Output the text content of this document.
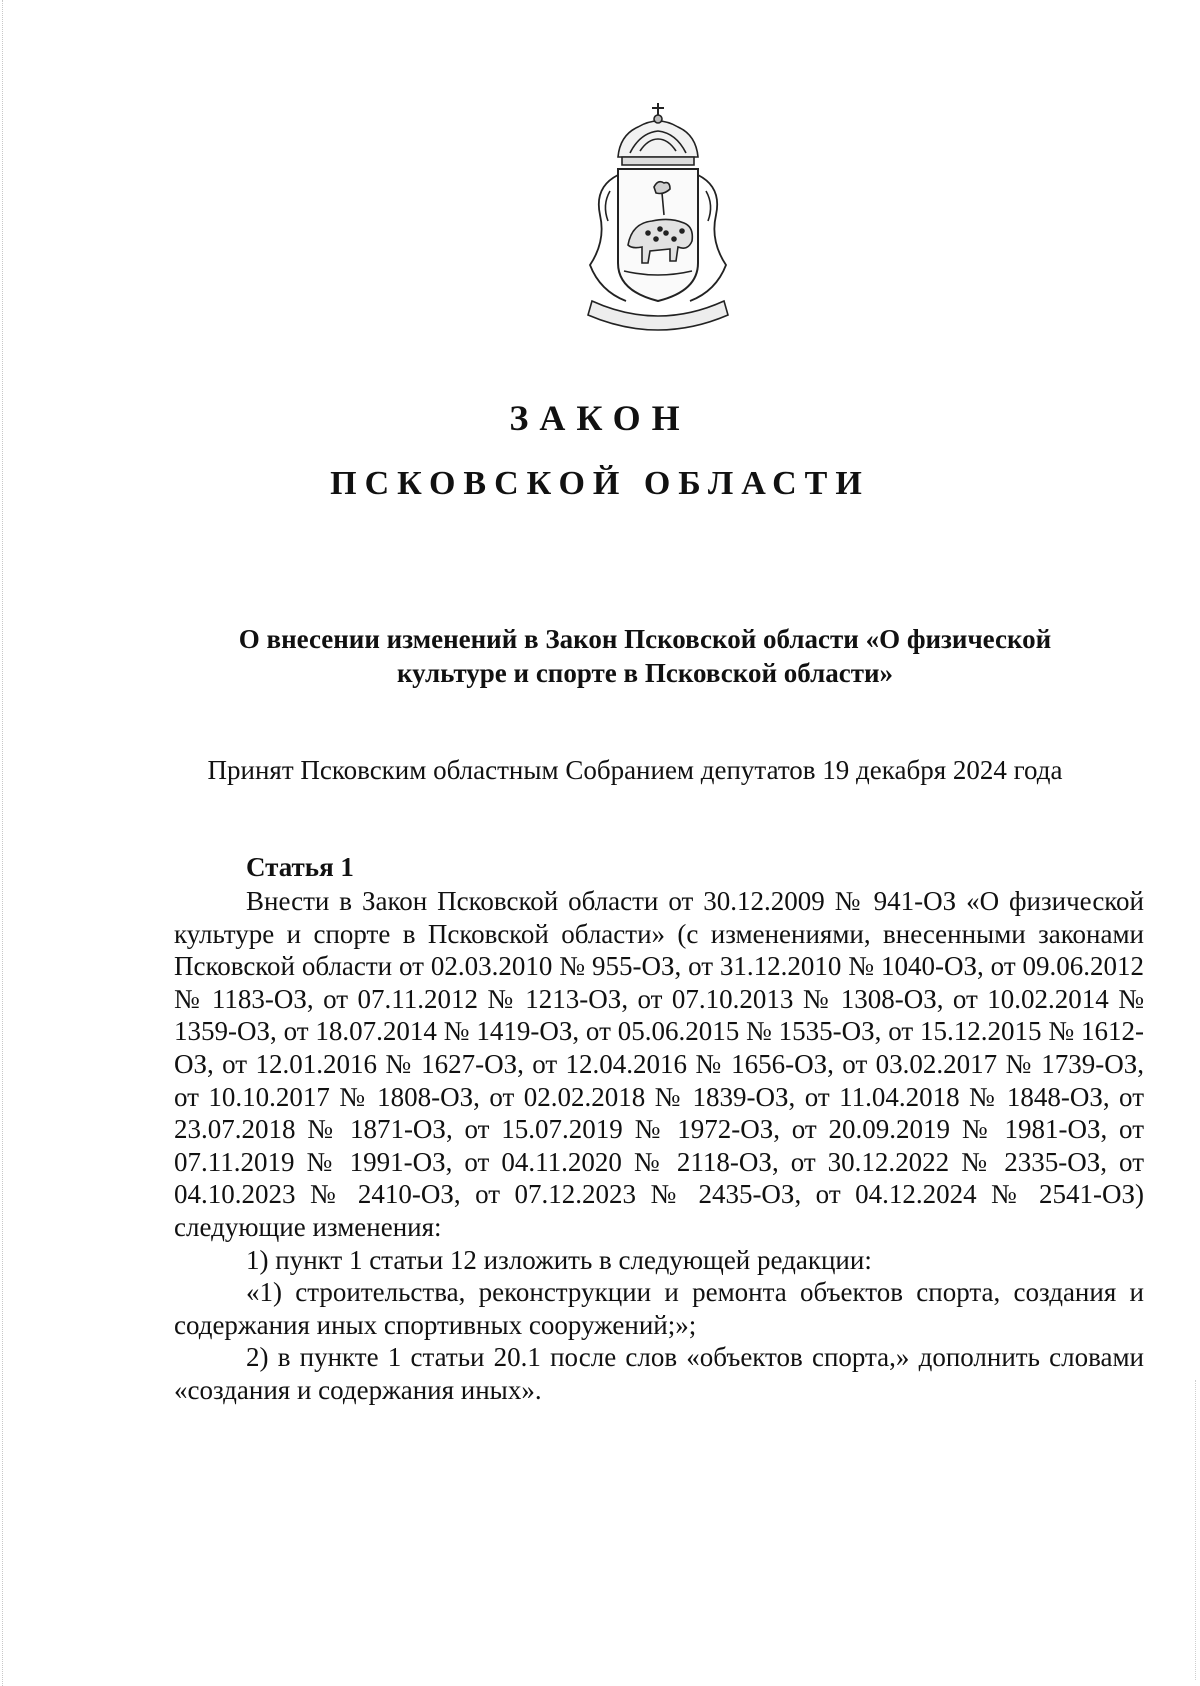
ЗАКОН
ПСКОВСКОЙ ОБЛАСТИ
О внесении изменений в Закон Псковской области «О физической культуре и спорте в Псковской области»
Принят Псковским областным Собранием депутатов 19 декабря 2024 года
Статья 1

Внести в Закон Псковской области от 30.12.2009 № 941-ОЗ «О физической культуре и спорте в Псковской области» (с изменениями, внесенными законами Псковской области от 02.03.2010 № 955-ОЗ, от 31.12.2010 № 1040-ОЗ, от 09.06.2012 № 1183-ОЗ, от 07.11.2012 № 1213-ОЗ, от 07.10.2013 № 1308-ОЗ, от 10.02.2014 № 1359-ОЗ, от 18.07.2014 № 1419-ОЗ, от 05.06.2015 № 1535-ОЗ, от 15.12.2015 № 1612-ОЗ, от 12.01.2016 № 1627-ОЗ, от 12.04.2016 № 1656-ОЗ, от 03.02.2017 № 1739-ОЗ, от 10.10.2017 № 1808-ОЗ, от 02.02.2018 № 1839-ОЗ, от 11.04.2018 № 1848-ОЗ, от 23.07.2018 № 1871-ОЗ, от 15.07.2019 № 1972-ОЗ, от 20.09.2019 № 1981-ОЗ, от 07.11.2019 № 1991-ОЗ, от 04.11.2020 № 2118-ОЗ, от 30.12.2022 № 2335-ОЗ, от 04.10.2023 № 2410-ОЗ, от 07.12.2023 № 2435-ОЗ, от 04.12.2024 № 2541-ОЗ) следующие изменения:

1) пункт 1 статьи 12 изложить в следующей редакции:

«1) строительства, реконструкции и ремонта объектов спорта, создания и содержания иных спортивных сооружений;»;

2) в пункте 1 статьи 20.1 после слов «объектов спорта,» дополнить словами «создания и содержания иных».
